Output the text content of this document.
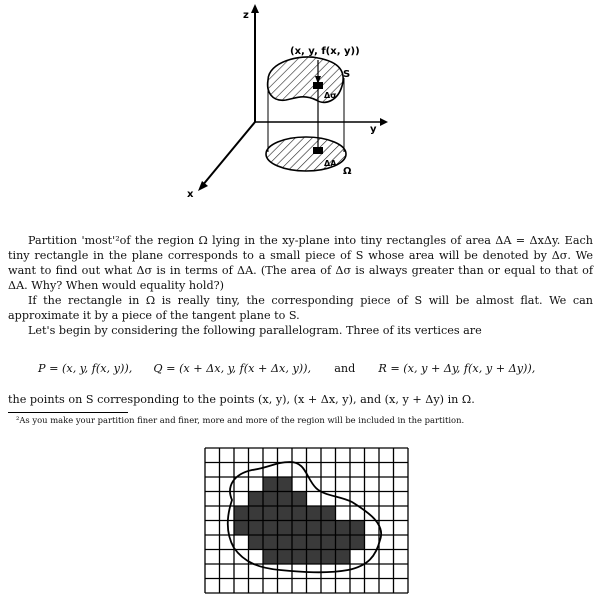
z
y
x
(x, y, f(x, y))
S
Ω
Δσ
ΔA

Partition 'most'²of the region Ω lying in the xy-plane into tiny rectangles of area ΔA = ΔxΔy. Each tiny rectangle in the plane corresponds to a small piece of S whose area will be denoted by Δσ. We want to find out what Δσ is in terms of ΔA. (The area of Δσ is always greater than or equal to that of ΔA. Why? When would equality hold?)

If the rectangle in Ω is really tiny, the corresponding piece of S will be almost flat. We can approximate it by a piece of the tangent plane to S.

Let's begin by considering the following parallelogram. Three of its vertices are

P = (x, y, f(x, y)), Q = (x + Δx, y, f(x + Δx, y)), and R = (x, y + Δy, f(x, y + Δy)),
the points on S corresponding to the points (x, y), (x + Δx, y), and (x, y + Δy) in Ω.
²As you make your partition finer and finer, more and more of the region will be included in the partition.
